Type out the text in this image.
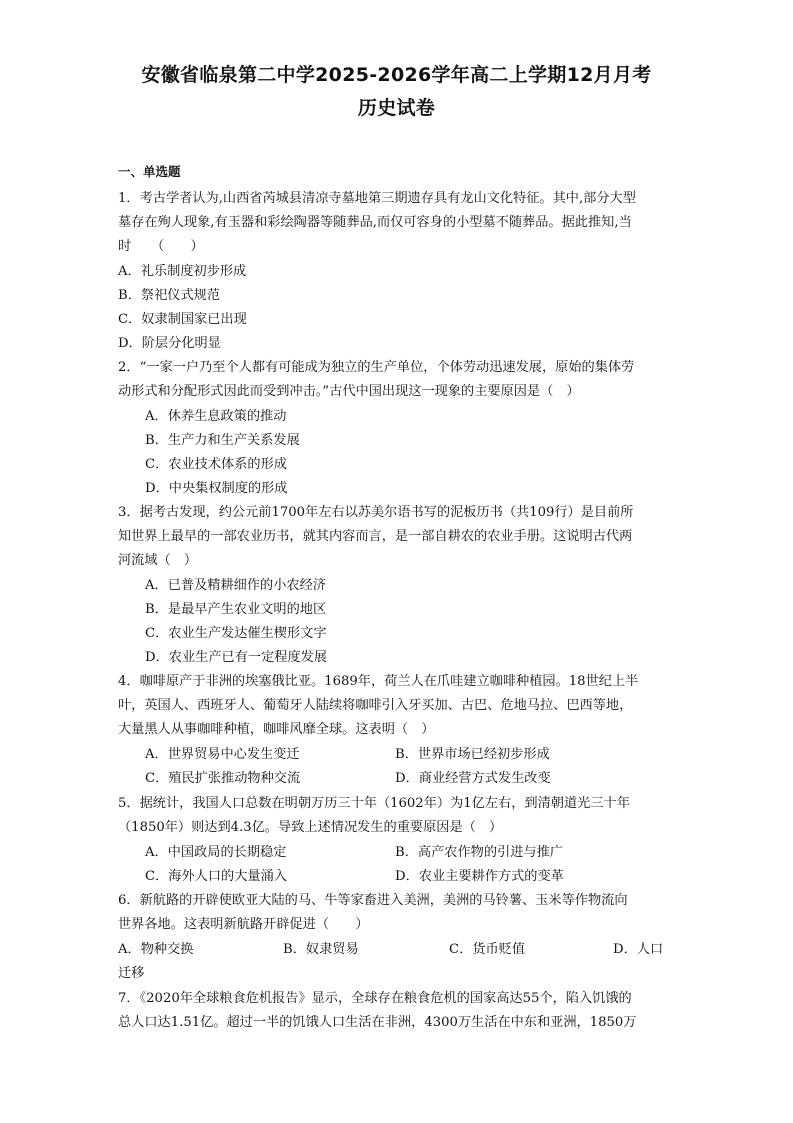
安徽省临泉第二中学2025-2026学年高二上学期12月月考
历史试卷
一、单选题
1．考古学者认为,山西省芮城县清凉寺墓地第三期遗存具有龙山文化特征。其中,部分大型
墓存在殉人现象,有玉器和彩绘陶器等随葬品,而仅可容身的小型墓不随葬品。据此推知,当
时　　（　　）
A．礼乐制度初步形成
B．祭祀仪式规范
C．奴隶制国家已出现
D．阶层分化明显
2．“一家一户乃至个人都有可能成为独立的生产单位，个体劳动迅速发展，原始的集体劳
动形式和分配形式因此而受到冲击。”古代中国出现这一现象的主要原因是（　）
A．休养生息政策的推动
B．生产力和生产关系发展
C．农业技术体系的形成
D．中央集权制度的形成
3．据考古发现，约公元前1700年左右以苏美尔语书写的泥板历书（共109行）是目前所
知世界上最早的一部农业历书，就其内容而言，是一部自耕农的农业手册。这说明古代两
河流域（　）
A．已普及精耕细作的小农经济
B．是最早产生农业文明的地区
C．农业生产发达催生楔形文字
D．农业生产已有一定程度发展
4．咖啡原产于非洲的埃塞俄比亚。1689年，荷兰人在爪哇建立咖啡种植园。18世纪上半
叶，英国人、西班牙人、葡萄牙人陆续将咖啡引入牙买加、古巴、危地马拉、巴西等地，
大量黑人从事咖啡种植，咖啡风靡全球。这表明（　）
A．世界贸易中心发生变迁	B．世界市场已经初步形成
C．殖民扩张推动物种交流	D．商业经营方式发生改变
5．据统计，我国人口总数在明朝万历三十年（1602年）为1亿左右，到清朝道光三十年
（1850年）则达到4.3亿。导致上述情况发生的重要原因是（　）
A．中国政局的长期稳定	B．高产农作物的引进与推广
C．海外人口的大量涌入	D．农业主要耕作方式的变革
6．新航路的开辟使欧亚大陆的马、牛等家畜进入美洲，美洲的马铃薯、玉米等作物流向
世界各地。这表明新航路开辟促进（　　）
A．物种交换	B．奴隶贸易	C．货币贬值	D．人口
迁移
7．《2020年全球粮食危机报告》显示，全球存在粮食危机的国家高达55个，陷入饥饿的
总人口达1.51亿。超过一半的饥饿人口生活在非洲，4300万生活在中东和亚洲，1850万
